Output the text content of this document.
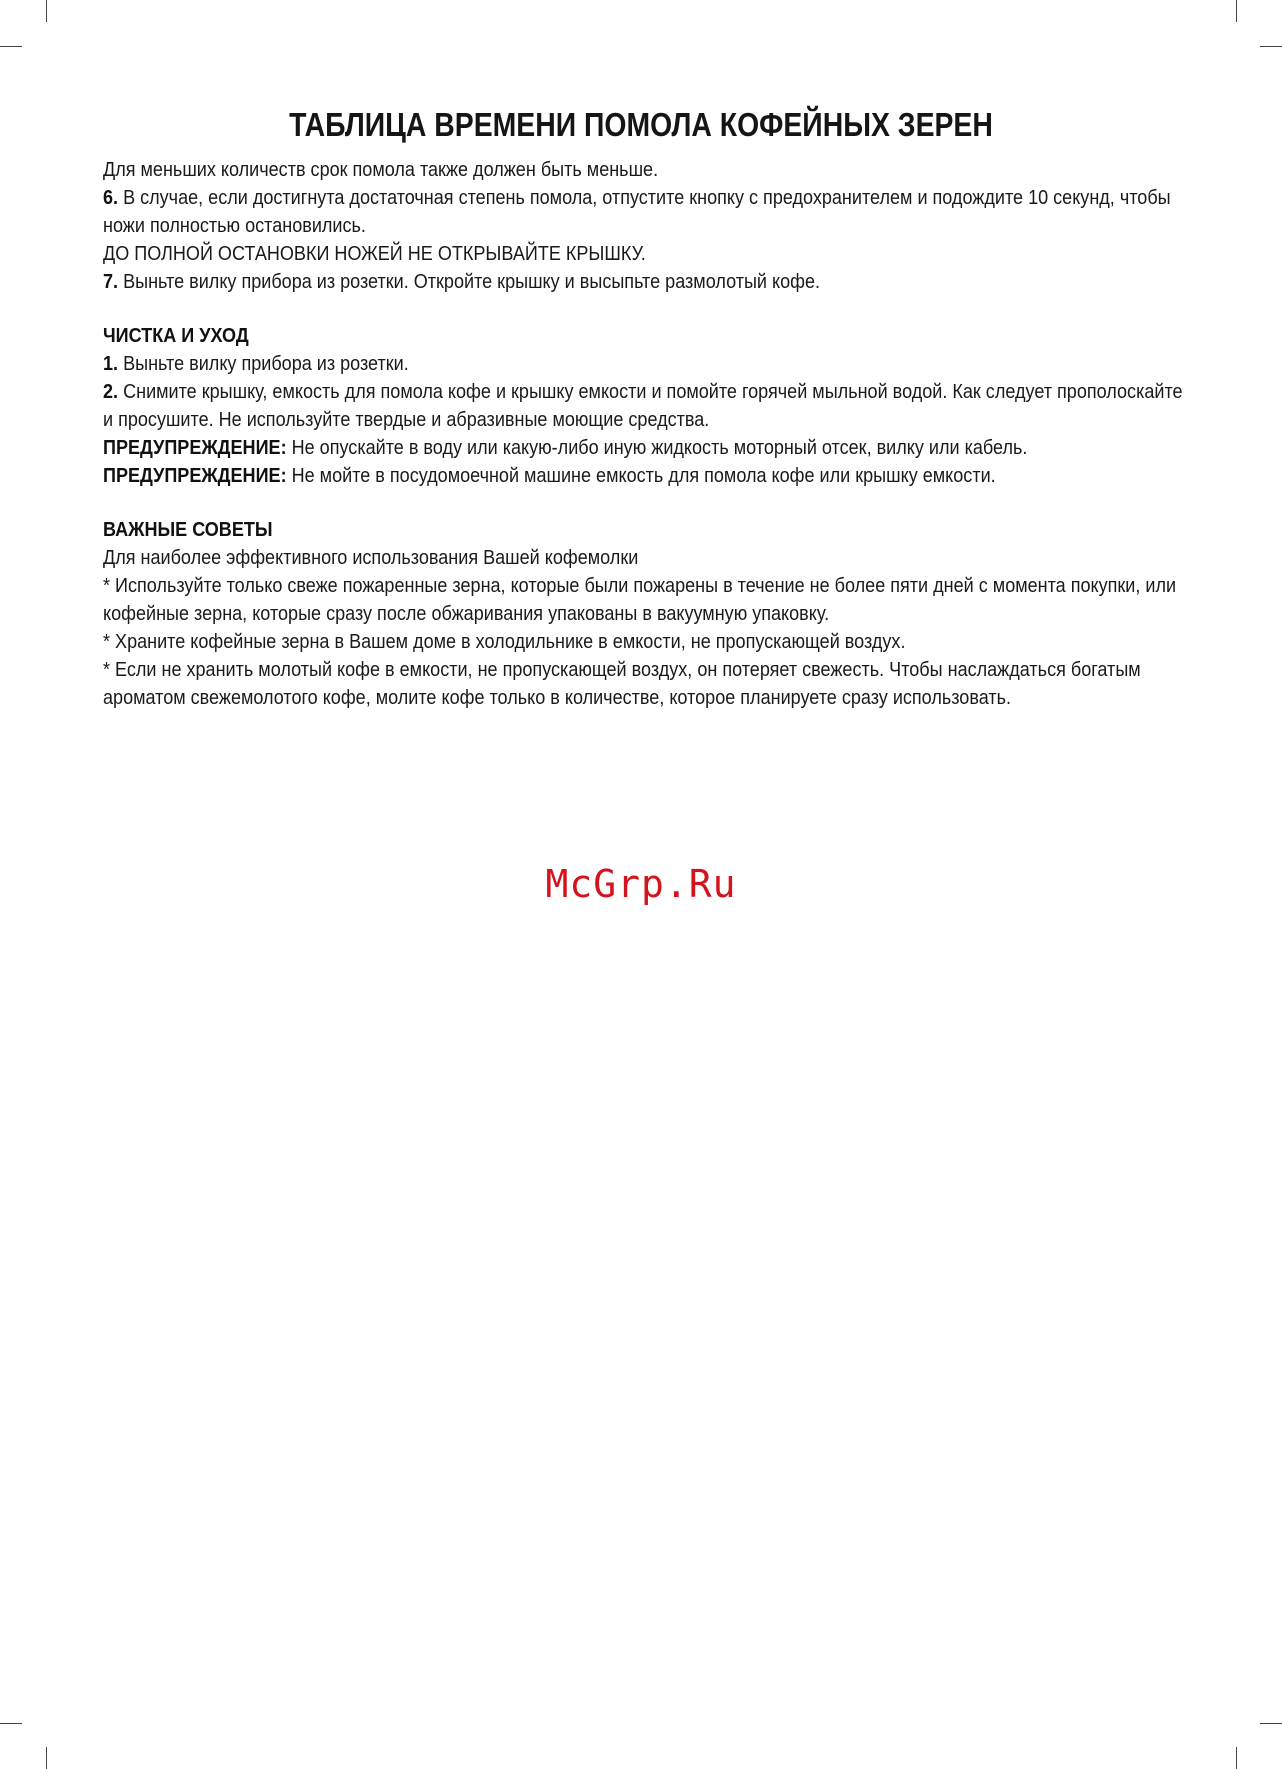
ТАБЛИЦА ВРЕМЕНИ ПОМОЛА КОФЕЙНЫХ ЗЕРЕН

Для меньших количеств срок помола также должен быть меньше.

6. В случае, если достигнута достаточная степень помола, отпустите кнопку с предохранителем и подождите 10 секунд, чтобы ножи полностью остановились.

ДО ПОЛНОЙ ОСТАНОВКИ НОЖЕЙ НЕ ОТКРЫВАЙТЕ КРЫШКУ.

7. Выньте вилку прибора из розетки. Откройте крышку и высыпьте размолотый кофе.

ЧИСТКА И УХОД

1. Выньте вилку прибора из розетки.

2. Снимите крышку, емкость для помола кофе и крышку емкости и помойте горячей мыльной водой. Как следует прополоскайте и просушите. Не используйте твердые и абразивные моющие средства.

ПРЕДУПРЕЖДЕНИЕ: Не опускайте в воду или какую-либо иную жидкость моторный отсек, вилку или кабель.

ПРЕДУПРЕЖДЕНИЕ: Не мойте в посудомоечной машине емкость для помола кофе или крышку емкости.

ВАЖНЫЕ СОВЕТЫ

Для наиболее эффективного использования Вашей кофемолки

* Используйте только свеже пожаренные зерна, которые были пожарены в течение не более пяти дней с момента покупки, или кофейные зерна, которые сразу после обжаривания упакованы в вакуумную упаковку.

* Храните кофейные зерна в Вашем доме в холодильнике в емкости, не пропускающей воздух.

* Если не хранить молотый кофе в емкости, не пропускающей воздух, он потеряет свежесть. Чтобы наслаждаться богатым ароматом свежемолотого кофе, молите кофе только в количестве, которое планируете сразу использовать.

McGrp.Ru
